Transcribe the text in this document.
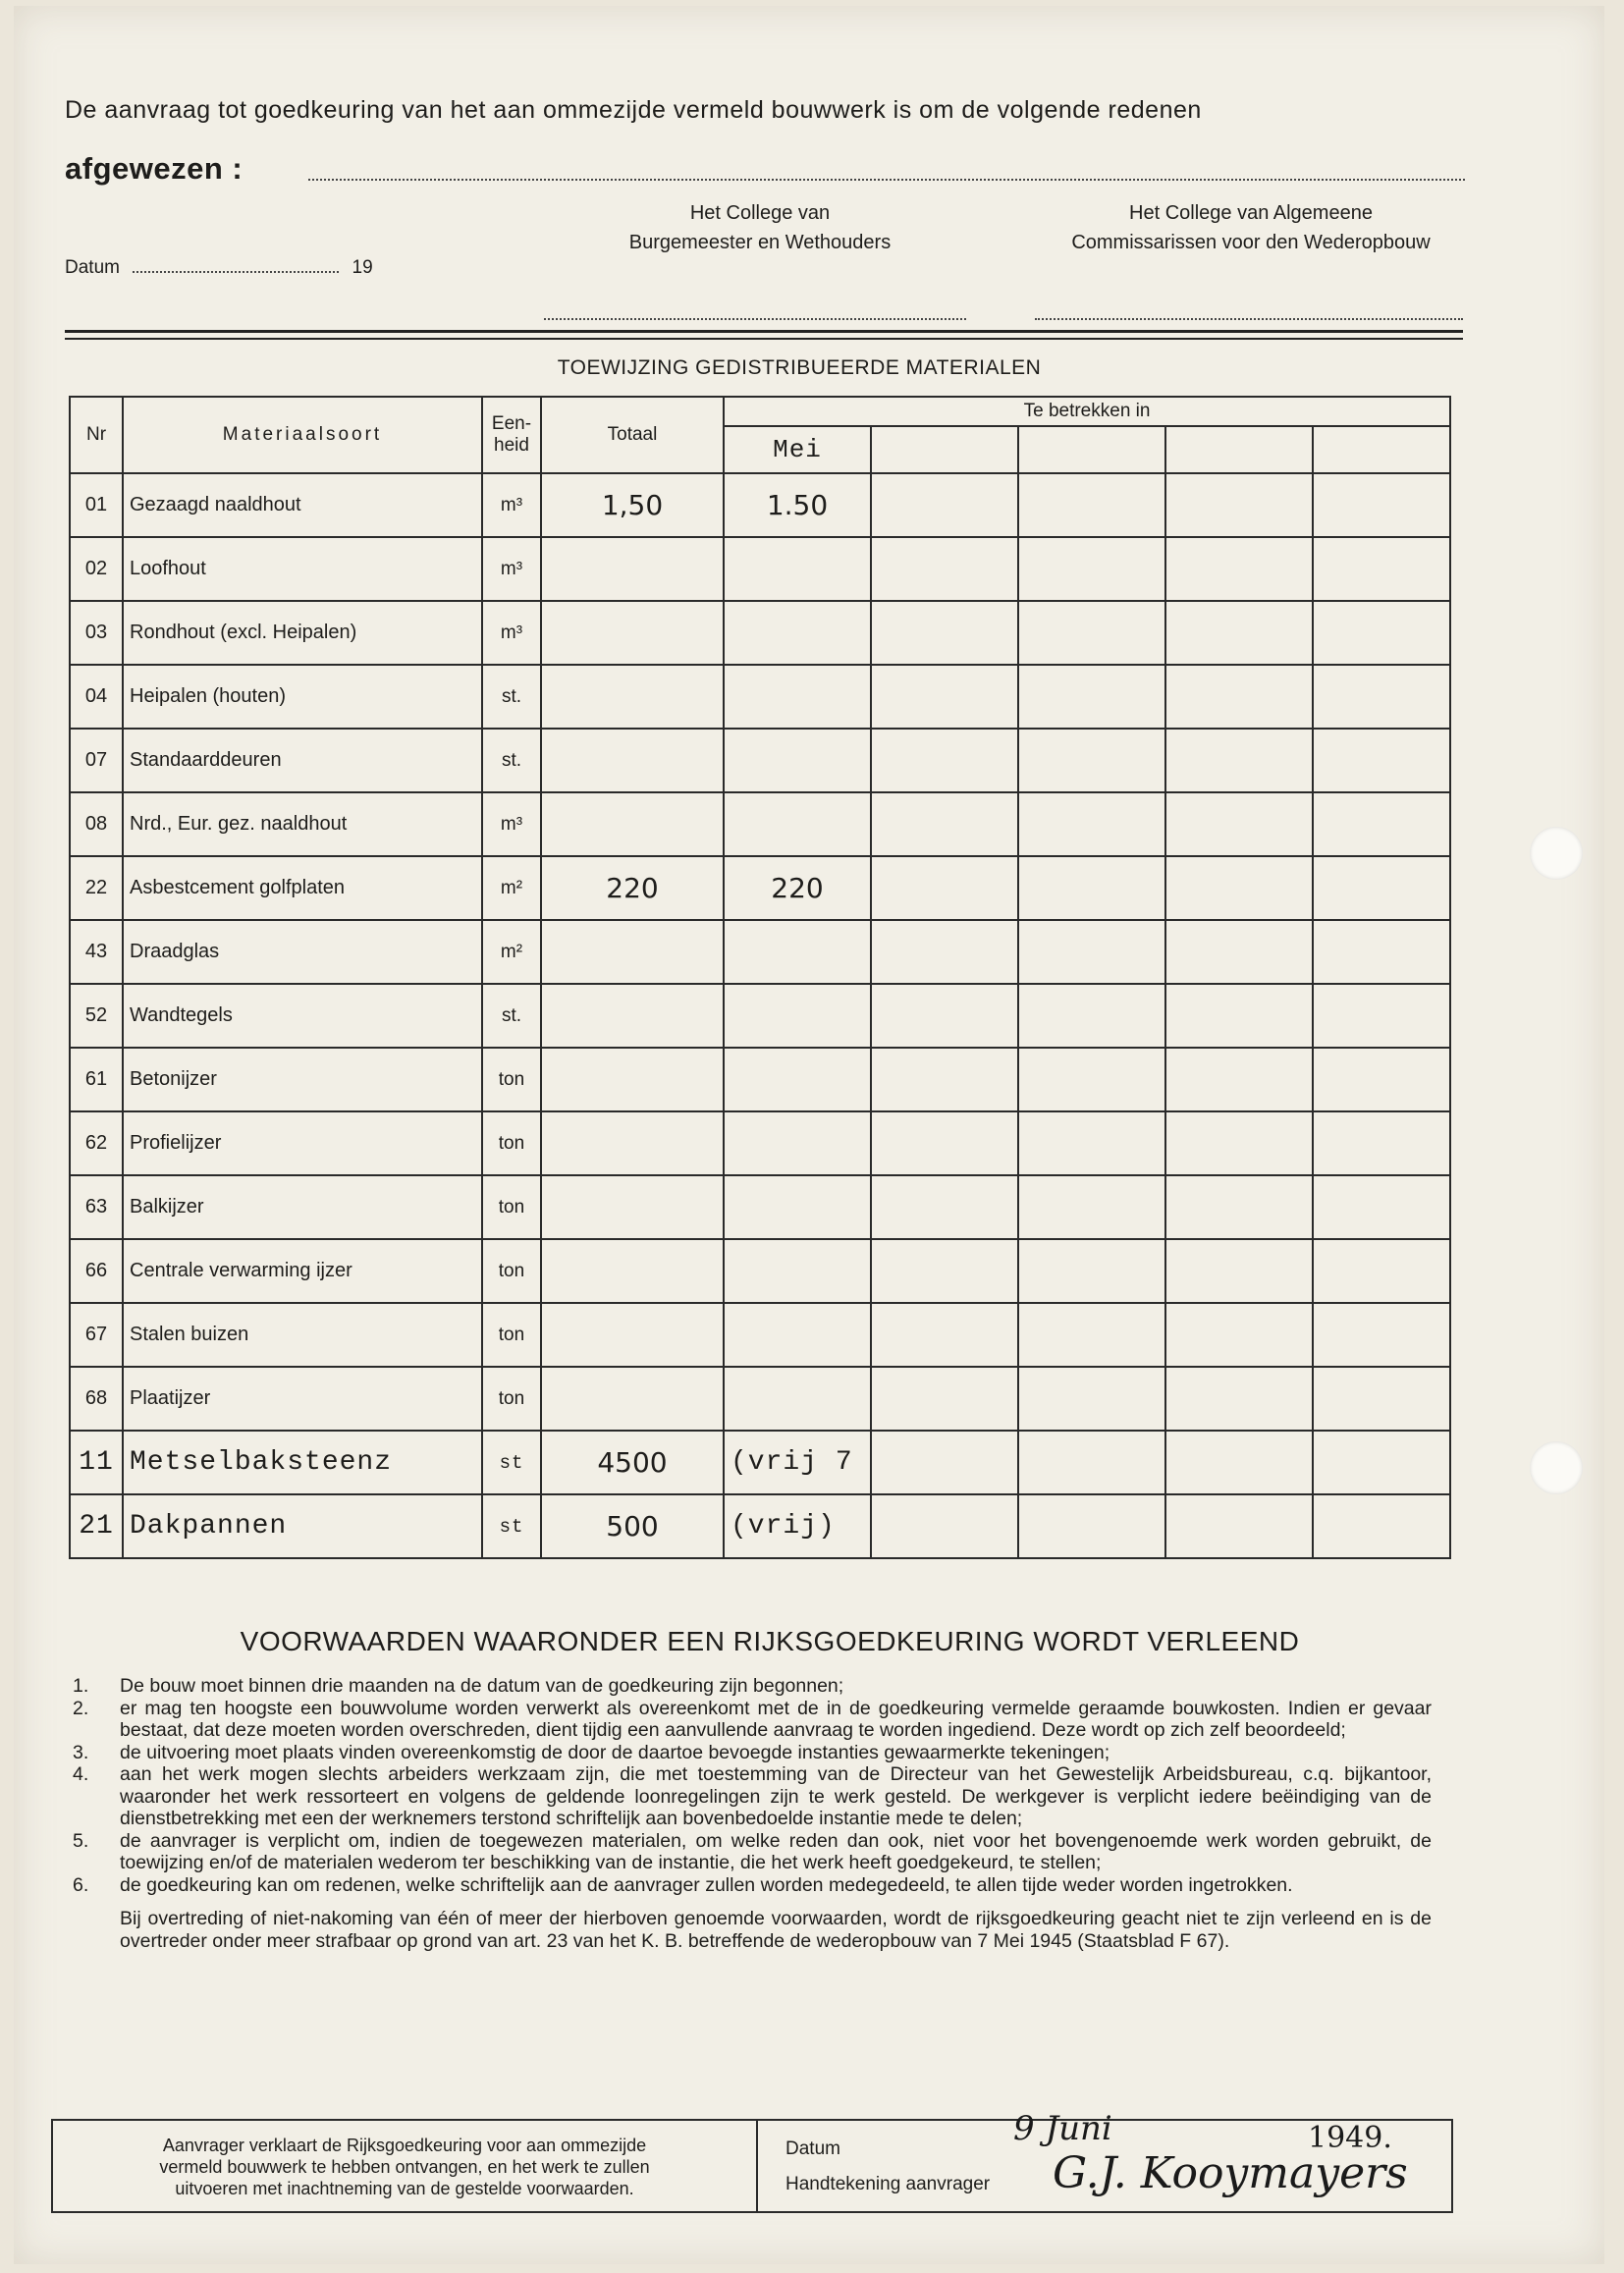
De aanvraag tot goedkeuring van het aan ommezijde vermeld bouwwerk is om de volgende redenen
afgewezen :
Het College van
Burgemeester en Wethouders
Het College van Algemeene
Commissarissen voor den Wederopbouw
Datum	19
TOEWIJZING GEDISTRIBUEERDE MATERIALEN
Nr	Materiaalsoort	Een-
heid	Totaal	Te betrekken in				
				Mei				
01	Gezaagd naaldhout	m³	1,50	1.50				
02	Loofhout	m³						
03	Rondhout (excl. Heipalen)	m³						
04	Heipalen (houten)	st.						
07	Standaarddeuren	st.						
08	Nrd., Eur. gez. naaldhout	m³						
22	Asbestcement golfplaten	m²	220	220				
43	Draadglas	m²						
52	Wandtegels	st.						
61	Betonijzer	ton						
62	Profielijzer	ton						
63	Balkijzer	ton						
66	Centrale verwarming ijzer	ton						
67	Stalen buizen	ton						
68	Plaatijzer	ton						
11	Metselbaksteenz	st	4500	(vrij 7				
21	Dakpannen	st	500	(vrij)				
VOORWAARDEN WAARONDER EEN RIJKSGOEDKEURING WORDT VERLEEND
1.	De bouw moet binnen drie maanden na de datum van de goedkeuring zijn begonnen;
2.	er mag ten hoogste een bouwvolume worden verwerkt als overeenkomt met de in de goedkeuring vermelde geraamde bouwkosten. Indien er gevaar bestaat, dat deze moeten worden overschreden, dient tijdig een aanvullende aanvraag te worden ingediend. Deze wordt op zich zelf beoordeeld;
3.	de uitvoering moet plaats vinden overeenkomstig de door de daartoe bevoegde instanties gewaarmerkte tekeningen;
4.	aan het werk mogen slechts arbeiders werkzaam zijn, die met toestemming van de Directeur van het Gewestelijk Arbeidsbureau, c.q. bijkantoor, waaronder het werk ressorteert en volgens de geldende loonregelingen zijn te werk gesteld. De werkgever is verplicht iedere beëindiging van de dienstbetrekking met een der werknemers terstond schriftelijk aan bovenbedoelde instantie mede te delen;
5.	de aanvrager is verplicht om, indien de toegewezen materialen, om welke reden dan ook, niet voor het bovengenoemde werk worden gebruikt, de toewijzing en/of de materialen wederom ter beschikking van de instantie, die het werk heeft goedgekeurd, te stellen;
6.	de goedkeuring kan om redenen, welke schriftelijk aan de aanvrager zullen worden medegedeeld, te allen tijde weder worden ingetrokken.
Bij overtreding of niet-nakoming van één of meer der hierboven genoemde voorwaarden, wordt de rijksgoedkeuring geacht niet te zijn verleend en is de overtreder onder meer strafbaar op grond van art. 23 van het K. B. betreffende de wederopbouw van 7 Mei 1945 (Staatsblad F 67).
Aanvrager verklaart de Rijksgoedkeuring voor aan ommezijde
vermeld bouwwerk te hebben ontvangen, en het werk te zullen
uitvoeren met inachtneming van de gestelde voorwaarden.
Datum
9 Juni	1949.
Handtekening aanvrager G.J. Kooymayers
